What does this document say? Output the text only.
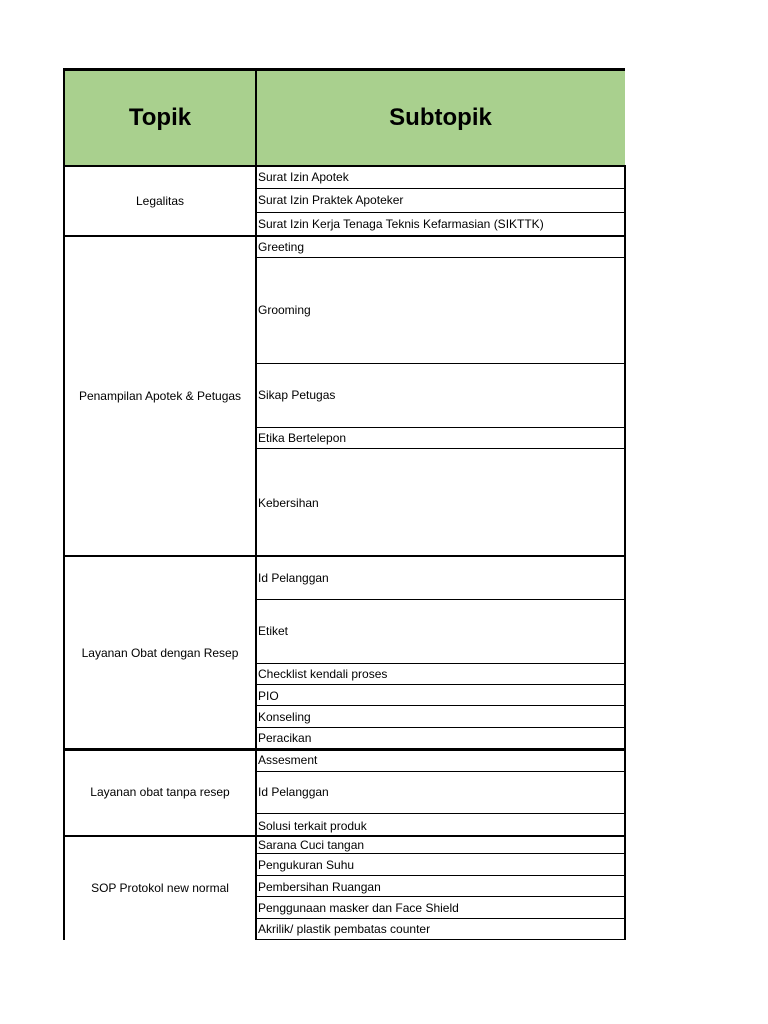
Topik	Subtopik
Legalitas
Penampilan Apotek & Petugas
Layanan Obat dengan Resep
Layanan obat tanpa resep
SOP Protokol new normal
Surat Izin Apotek
Surat Izin Praktek Apoteker
Surat Izin Kerja Tenaga Teknis Kefarmasian (SIKTTK)
Greeting
Grooming
Sikap Petugas
Etika Bertelepon
Kebersihan
Id Pelanggan
Etiket
Checklist kendali proses
PIO
Konseling
Peracikan
Assesment
Id Pelanggan
Solusi terkait produk
Sarana Cuci tangan
Pengukuran Suhu
Pembersihan Ruangan
Penggunaan masker dan Face Shield
Akrilik/ plastik pembatas counter
